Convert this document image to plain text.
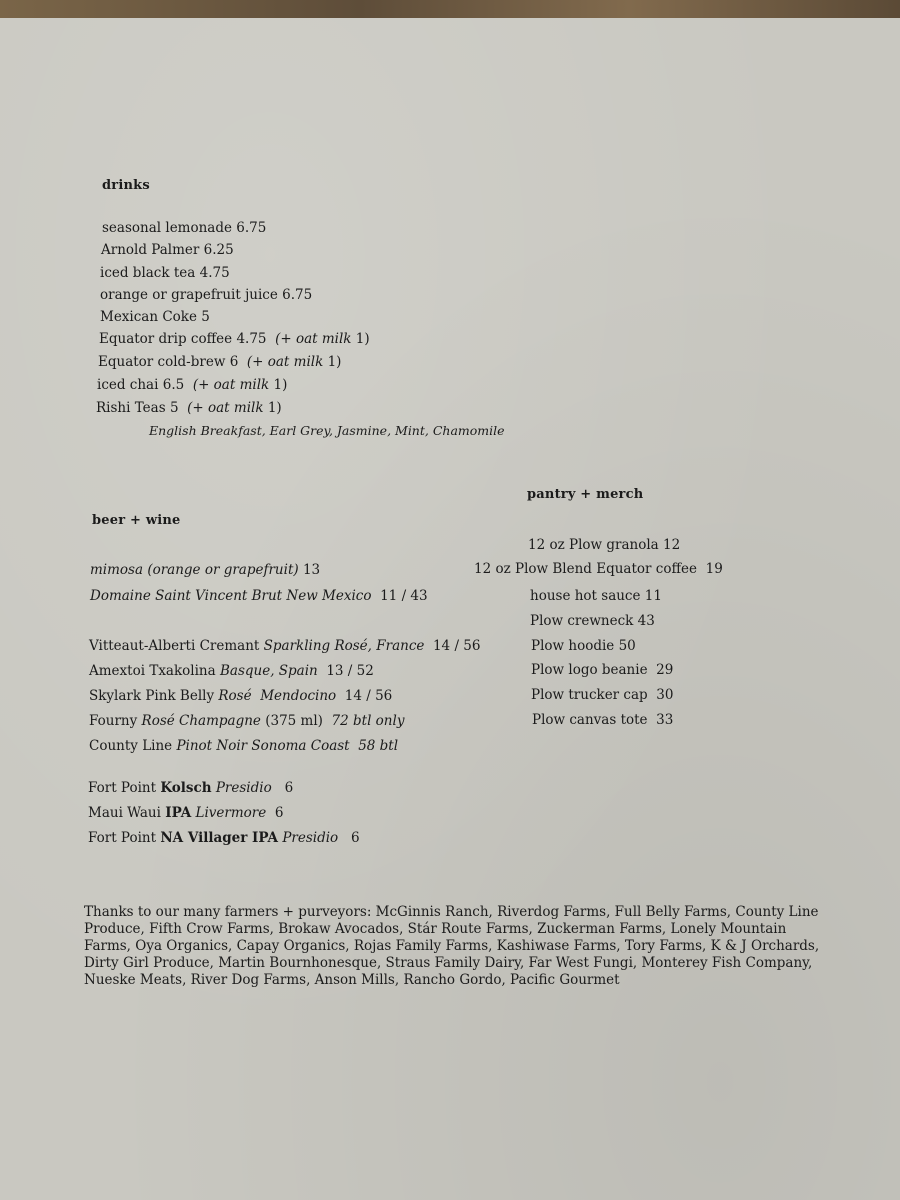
drinks
seasonal lemonade 6.75
Arnold Palmer 6.25
iced black tea 4.75
orange or grapefruit juice 6.75
Mexican Coke 5
Equator drip coffee 4.75 (+ oat milk 1)
Equator cold-brew 6 (+ oat milk 1)
iced chai 6.5 (+ oat milk 1)
Rishi Teas 5 (+ oat milk 1)
English Breakfast, Earl Grey, Jasmine, Mint, Chamomile
beer + wine
mimosa (orange or grapefruit) 13
Domaine Saint Vincent Brut New Mexico 11 / 43
Vitteaut-Alberti Cremant Sparkling Rosé, France 14 / 56
Amextoi Txakolina Basque, Spain 13 / 52
Skylark Pink Belly Rosé Mendocino 14 / 56
Fourny Rosé Champagne (375 ml) 72 btl only
County Line Pinot Noir Sonoma Coast 58 btl
Fort Point Kolsch Presidio 6
Maui Waui IPA Livermore 6
Fort Point NA Villager IPA Presidio 6
pantry + merch
12 oz Plow granola 12
12 oz Plow Blend Equator coffee 19
house hot sauce 11
Plow crewneck 43
Plow hoodie 50
Plow logo beanie 29
Plow trucker cap 30
Plow canvas tote 33
Thanks to our many farmers + purveyors: McGinnis Ranch, Riverdog Farms, Full Belly Farms, County Line Produce, Fifth Crow Farms, Brokaw Avocados, Stár Route Farms, Zuckerman Farms, Lonely Mountain Farms, Oya Organics, Capay Organics, Rojas Family Farms, Kashiwase Farms, Tory Farms, K & J Orchards, Dirty Girl Produce, Martin Bournhonesque, Straus Family Dairy, Far West Fungi, Monterey Fish Company, Nueske Meats, River Dog Farms, Anson Mills, Rancho Gordo, Pacific Gourmet
